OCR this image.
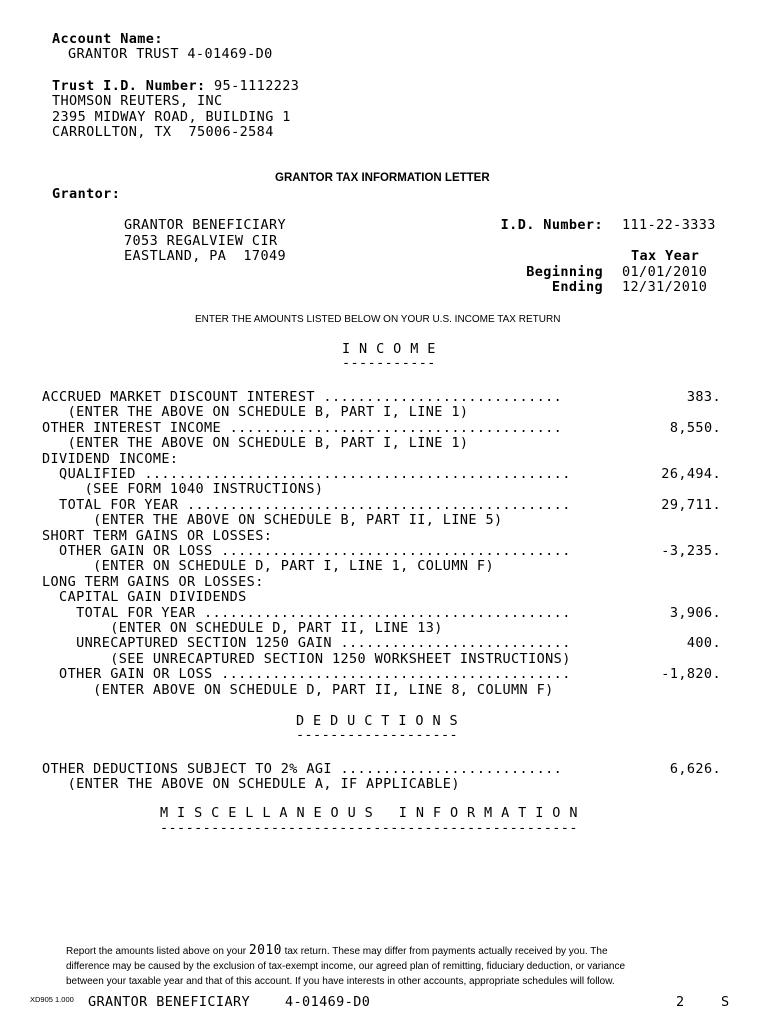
Account Name:
GRANTOR TRUST 4-01469-D0
Trust I.D. Number: 95-1112223
THOMSON REUTERS, INC
2395 MIDWAY ROAD, BUILDING 1
CARROLLTON, TX  75006-2584
GRANTOR TAX INFORMATION LETTER
Grantor:
GRANTOR BENEFICIARY
7053 REGALVIEW CIR
EASTLAND, PA  17049
I.D. Number: 111-22-3333
Tax Year
Beginning 01/01/2010
Ending 12/31/2010
ENTER THE AMOUNTS LISTED BELOW ON YOUR U.S. INCOME TAX RETURN
I N C O M E
-----------
ACCRUED MARKET DISCOUNT INTEREST ............................	383.
(ENTER THE ABOVE ON SCHEDULE B, PART I, LINE 1)
OTHER INTEREST INCOME .......................................	8,550.
(ENTER THE ABOVE ON SCHEDULE B, PART I, LINE 1)
DIVIDEND INCOME:
QUALIFIED ..................................................	26,494.
(SEE FORM 1040 INSTRUCTIONS)
TOTAL FOR YEAR .............................................	29,711.
(ENTER THE ABOVE ON SCHEDULE B, PART II, LINE 5)
SHORT TERM GAINS OR LOSSES:
OTHER GAIN OR LOSS .........................................	-3,235.
(ENTER ON SCHEDULE D, PART I, LINE 1, COLUMN F)
LONG TERM GAINS OR LOSSES:
CAPITAL GAIN DIVIDENDS
TOTAL FOR YEAR ...........................................	3,906.
(ENTER ON SCHEDULE D, PART II, LINE 13)
UNRECAPTURED SECTION 1250 GAIN ...........................	400.
(SEE UNRECAPTURED SECTION 1250 WORKSHEET INSTRUCTIONS)
OTHER GAIN OR LOSS .........................................	-1,820.
(ENTER ABOVE ON SCHEDULE D, PART II, LINE 8, COLUMN F)
D E D U C T I O N S
-------------------
OTHER DEDUCTIONS SUBJECT TO 2% AGI ..........................	6,626.
(ENTER THE ABOVE ON SCHEDULE A, IF APPLICABLE)
M I S C E L L A N E O U S   I N F O R M A T I O N
-------------------------------------------------
Report the amounts listed above on your 2010 tax return. These may differ from payments actually received by you. The
difference may be caused by the exclusion of tax-exempt income, our agreed plan of remitting, fiduciary deduction, or variance
between your taxable year and that of this account. If you have interests in other accounts, appropriate schedules will follow.
XD905 1.000 GRANTOR BENEFICIARY	4-01469-D0	2	S
